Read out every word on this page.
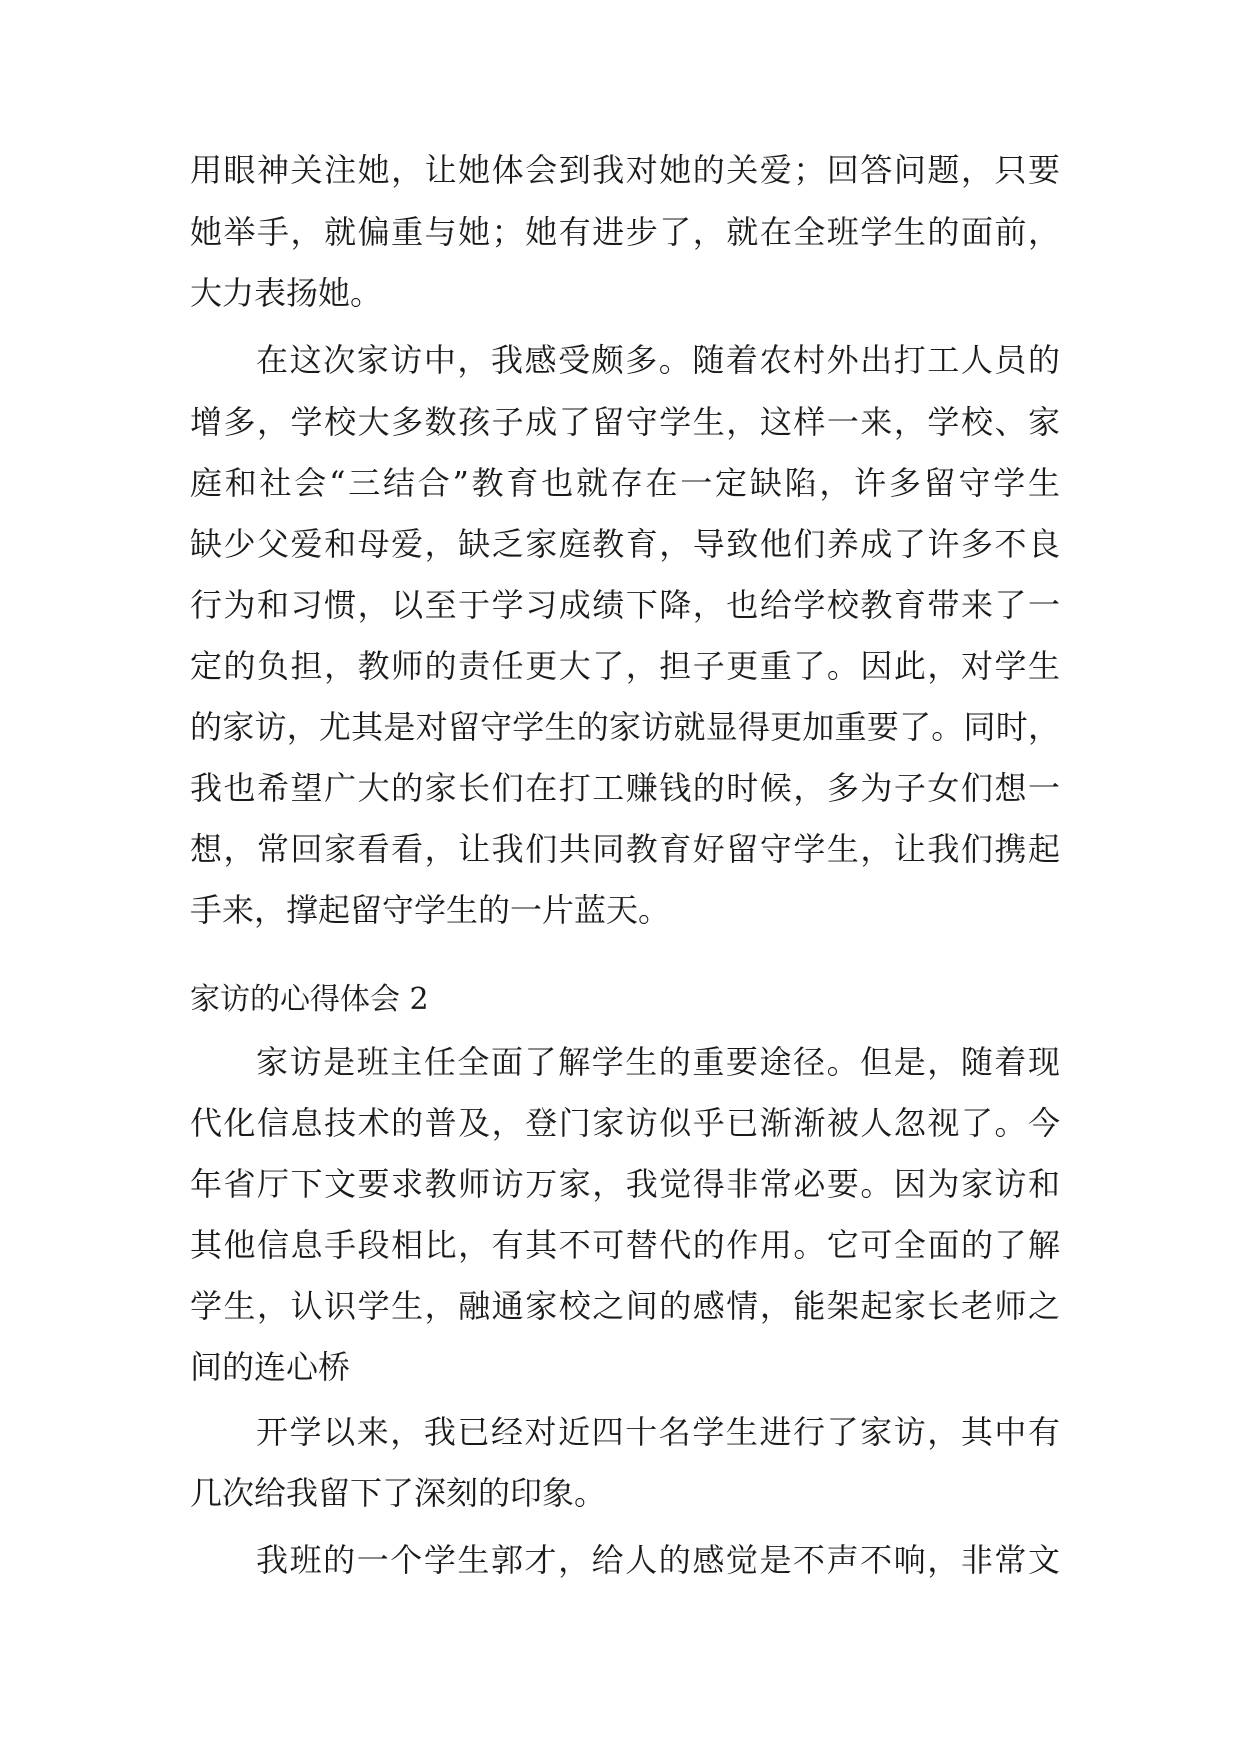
用眼神关注她，让她体会到我对她的关爱；回答问题，只要
她举手，就偏重与她；她有进步了，就在全班学生的面前，
大力表扬她。
在这次家访中，我感受颇多。随着农村外出打工人员的
增多，学校大多数孩子成了留守学生，这样一来，学校、家
庭和社会“三结合”教育也就存在一定缺陷，许多留守学生
缺少父爱和母爱，缺乏家庭教育，导致他们养成了许多不良
行为和习惯，以至于学习成绩下降，也给学校教育带来了一
定的负担，教师的责任更大了，担子更重了。因此，对学生
的家访，尤其是对留守学生的家访就显得更加重要了。同时，
我也希望广大的家长们在打工赚钱的时候，多为子女们想一
想，常回家看看，让我们共同教育好留守学生，让我们携起
手来，撑起留守学生的一片蓝天。
家访的心得体会 2
家访是班主任全面了解学生的重要途径。但是，随着现
代化信息技术的普及，登门家访似乎已渐渐被人忽视了。今
年省厅下文要求教师访万家，我觉得非常必要。因为家访和
其他信息手段相比，有其不可替代的作用。它可全面的了解
学生，认识学生，融通家校之间的感情，能架起家长老师之
间的连心桥
开学以来，我已经对近四十名学生进行了家访，其中有
几次给我留下了深刻的印象。
我班的一个学生郭才，给人的感觉是不声不响，非常文
